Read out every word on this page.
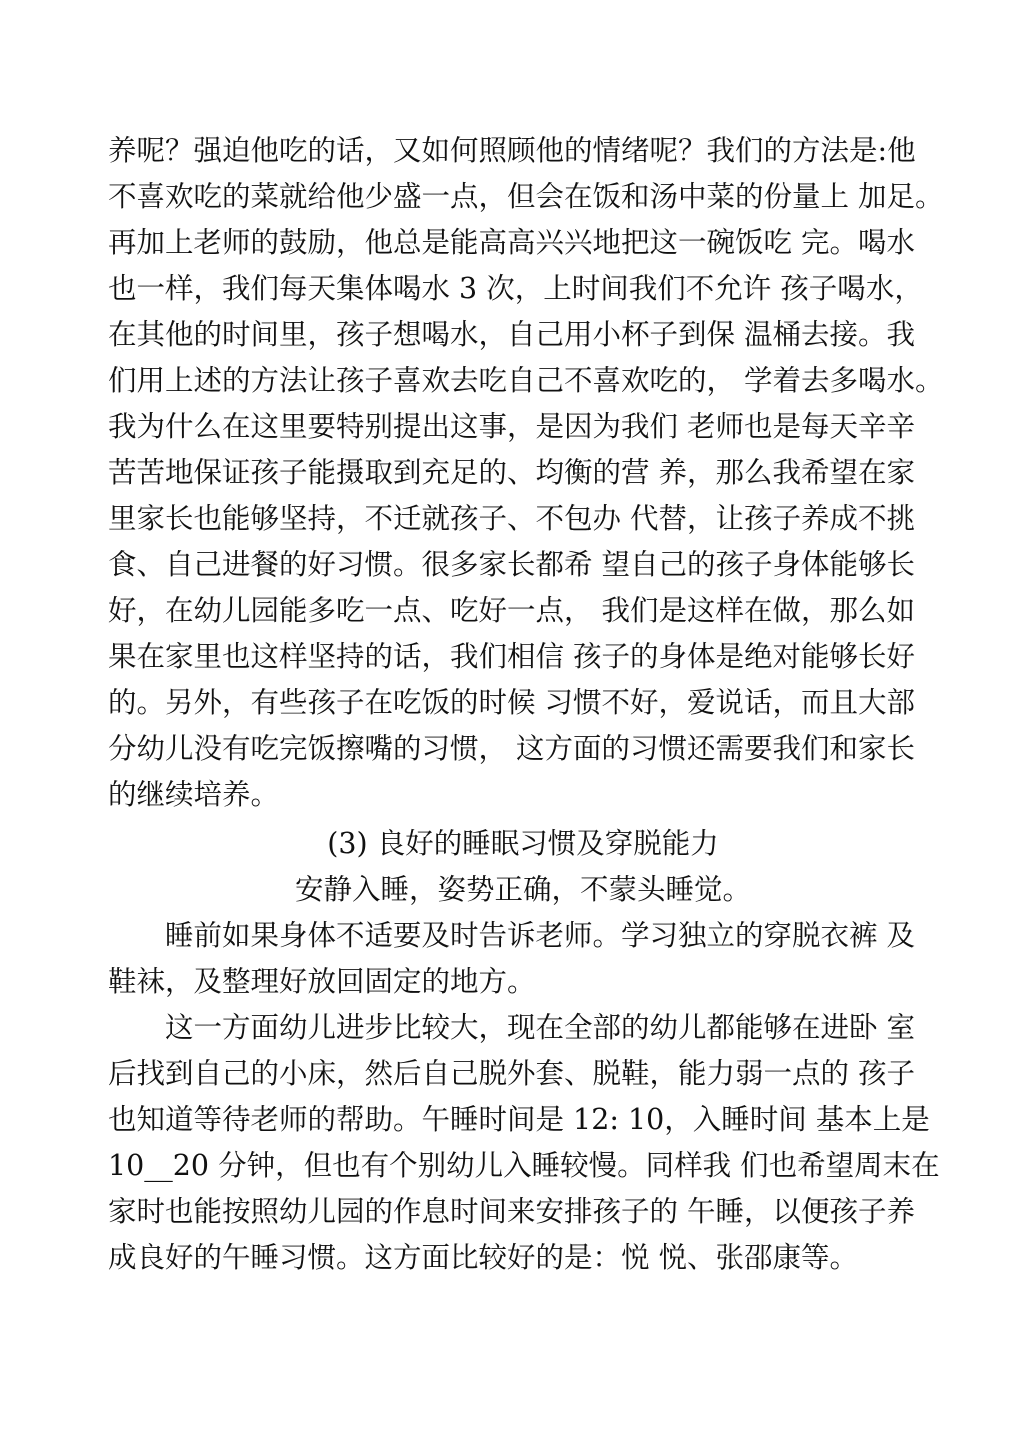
养呢？强迫他吃的话，又如何照顾他的情绪呢？我们的方法是:他
不喜欢吃的菜就给他少盛一点，但会在饭和汤中菜的份量上 加足。
再加上老师的鼓励，他总是能高高兴兴地把这一碗饭吃 完。喝水
也一样，我们每天集体喝水 3 次，上时间我们不允许 孩子喝水，
在其他的时间里，孩子想喝水，自己用小杯子到保 温桶去接。我
们用上述的方法让孩子喜欢去吃自己不喜欢吃的， 学着去多喝水。
我为什么在这里要特别提出这事，是因为我们 老师也是每天辛辛
苦苦地保证孩子能摄取到充足的、均衡的营 养，那么我希望在家
里家长也能够坚持，不迁就孩子、不包办 代替，让孩子养成不挑
食、自己进餐的好习惯。很多家长都希 望自己的孩子身体能够长
好，在幼儿园能多吃一点、吃好一点， 我们是这样在做，那么如
果在家里也这样坚持的话，我们相信 孩子的身体是绝对能够长好
的。另外，有些孩子在吃饭的时候 习惯不好，爱说话，而且大部
分幼儿没有吃完饭擦嘴的习惯， 这方面的习惯还需要我们和家长
的继续培养。
(3) 良好的睡眠习惯及穿脱能力
安静入睡，姿势正确，不蒙头睡觉。
睡前如果身体不适要及时告诉老师。学习独立的穿脱衣裤 及
鞋袜，及整理好放回固定的地方。
这一方面幼儿进步比较大，现在全部的幼儿都能够在进卧 室
后找到自己的小床，然后自己脱外套、脱鞋，能力弱一点的 孩子
也知道等待老师的帮助。午睡时间是 12: 10，入睡时间 基本上是
10__20 分钟，但也有个别幼儿入睡较慢。同样我 们也希望周末在
家时也能按照幼儿园的作息时间来安排孩子的 午睡，以便孩子养
成良好的午睡习惯。这方面比较好的是：悦 悦、张邵康等。
